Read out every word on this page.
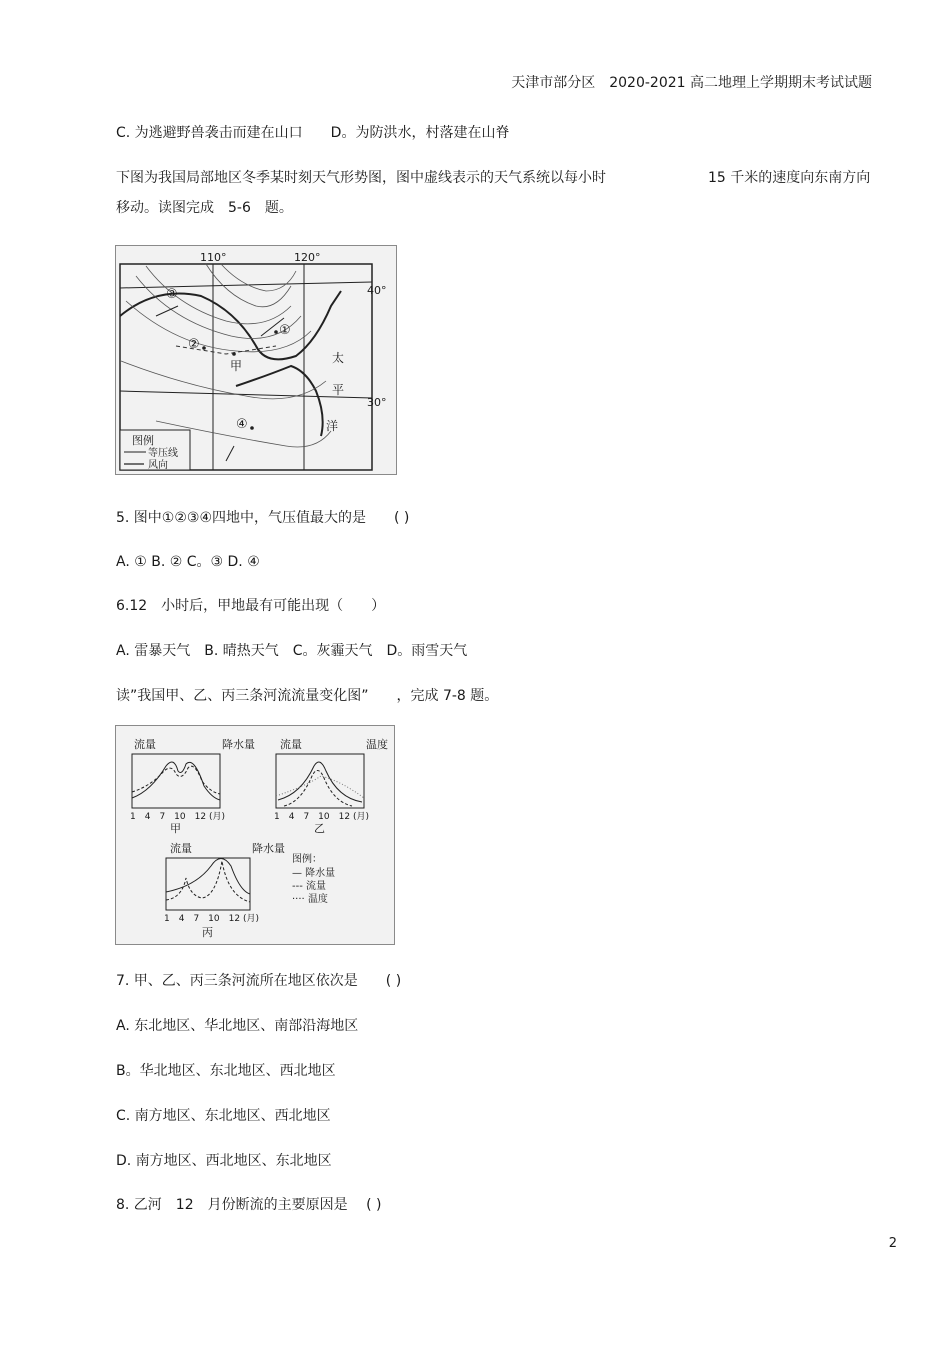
天津市部分区　2020-2021 高二地理上学期期末考试试题
C. 为逃避野兽袭击而建在山口　　D。为防洪水，村落建在山脊
下图为我国局部地区冬季某时刻天气形势图，图中虚线表示的天气系统以每小时	15 千米的速度向东南方向
移动。读图完成　5-6　题。
110°	120°
40°
30°
①
②
③
④
甲
太
平
洋
图例
等压线
风向
5. 图中①②③④四地中，气压值最大的是　　( )
A. ① B. ② C。③ D. ④
6.12　小时后，甲地最有可能出现（　　）
A. 雷暴天气　B. 晴热天气　C。灰霾天气　D。雨雪天气
读”我国甲、乙、丙三条河流流量变化图”　　，完成 7-8 题。
流量	降水量
1　4　7　10　12 (月)
甲
流量	温度
1　4　7　10　12 (月)
乙
流量	降水量
1　4　7　10　12 (月)
丙
图例：
— 降水量
--- 流量
···· 温度
7. 甲、乙、丙三条河流所在地区依次是　　( )
A. 东北地区、华北地区、南部沿海地区
B。华北地区、东北地区、西北地区
C. 南方地区、东北地区、西北地区
D. 南方地区、西北地区、东北地区
8. 乙河　12　月份断流的主要原因是　 ( )
2
